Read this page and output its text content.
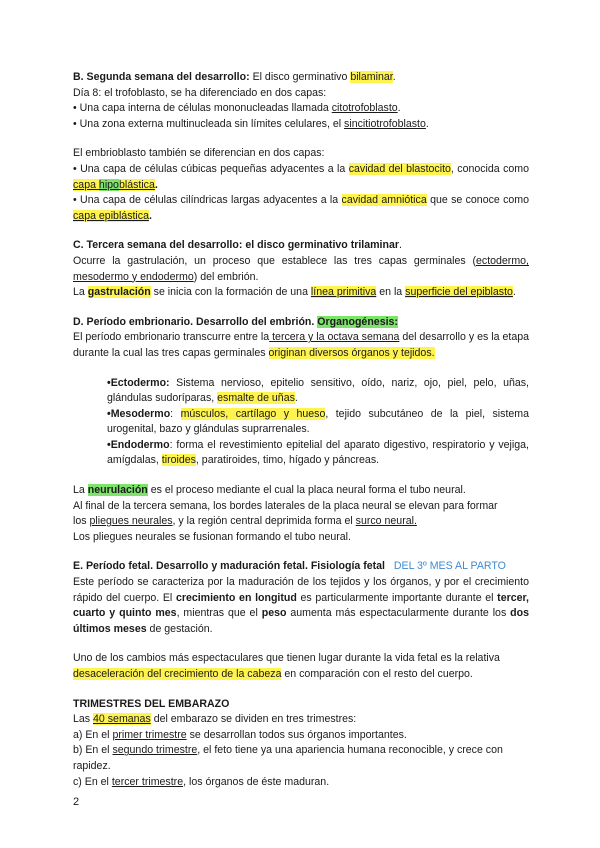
B. Segunda semana del desarrollo: El disco germinativo bilaminar.

Día 8: el trofoblasto, se ha diferenciado en dos capas:

• Una capa interna de células mononucleadas llamada citotrofoblasto.

• Una zona externa multinucleada sin límites celulares, el sincitiotrofoblasto.

El embrioblasto también se diferencian en dos capas:

• Una capa de células cúbicas pequeñas adyacentes a la cavidad del blastocito, conocida como capa hipoblástica.

• Una capa de células cilíndricas largas adyacentes a la cavidad amniótica que se conoce como capa epiblástica.

C. Tercera semana del desarrollo: el disco germinativo trilaminar.

Ocurre la gastrulación, un proceso que establece las tres capas germinales (ectodermo, mesodermo y endodermo) del embrión.

La gastrulación se inicia con la formación de una línea primitiva en la superficie del epiblasto.

D. Período embrionario. Desarrollo del embrión. Organogénesis:

El período embrionario transcurre entre la tercera y la octava semana del desarrollo y es la etapa durante la cual las tres capas germinales originan diversos órganos y tejidos.

•Ectodermo: Sistema nervioso, epitelio sensitivo, oído, nariz, ojo, piel, pelo, uñas, glándulas sudoríparas, esmalte de uñas.

•Mesodermo: músculos, cartílago y hueso, tejido subcutáneo de la piel, sistema urogenital, bazo y glándulas suprarrenales.

•Endodermo: forma el revestimiento epitelial del aparato digestivo, respiratorio y vejiga, amígdalas, tiroides, paratiroides, timo, hígado y páncreas.

La neurulación es el proceso mediante el cual la placa neural forma el tubo neural.

Al final de la tercera semana, los bordes laterales de la placa neural se elevan para formar

los pliegues neurales, y la región central deprimida forma el surco neural.

Los pliegues neurales se fusionan formando el tubo neural.

E. Período fetal. Desarrollo y maduración fetal. Fisiología fetal DEL 3º MES AL PARTO

Este período se caracteriza por la maduración de los tejidos y los órganos, y por el crecimiento rápido del cuerpo. El crecimiento en longitud es particularmente importante durante el tercer, cuarto y quinto mes, mientras que el peso aumenta más espectacularmente durante los dos últimos meses de gestación.

Uno de los cambios más espectaculares que tienen lugar durante la vida fetal es la relativa desaceleración del crecimiento de la cabeza en comparación con el resto del cuerpo.

TRIMESTRES DEL EMBARAZO

Las 40 semanas del embarazo se dividen en tres trimestres:

a) En el primer trimestre se desarrollan todos sus órganos importantes.

b) En el segundo trimestre, el feto tiene ya una apariencia humana reconocible, y crece con rapidez.

c) En el tercer trimestre, los órganos de éste maduran.

2
